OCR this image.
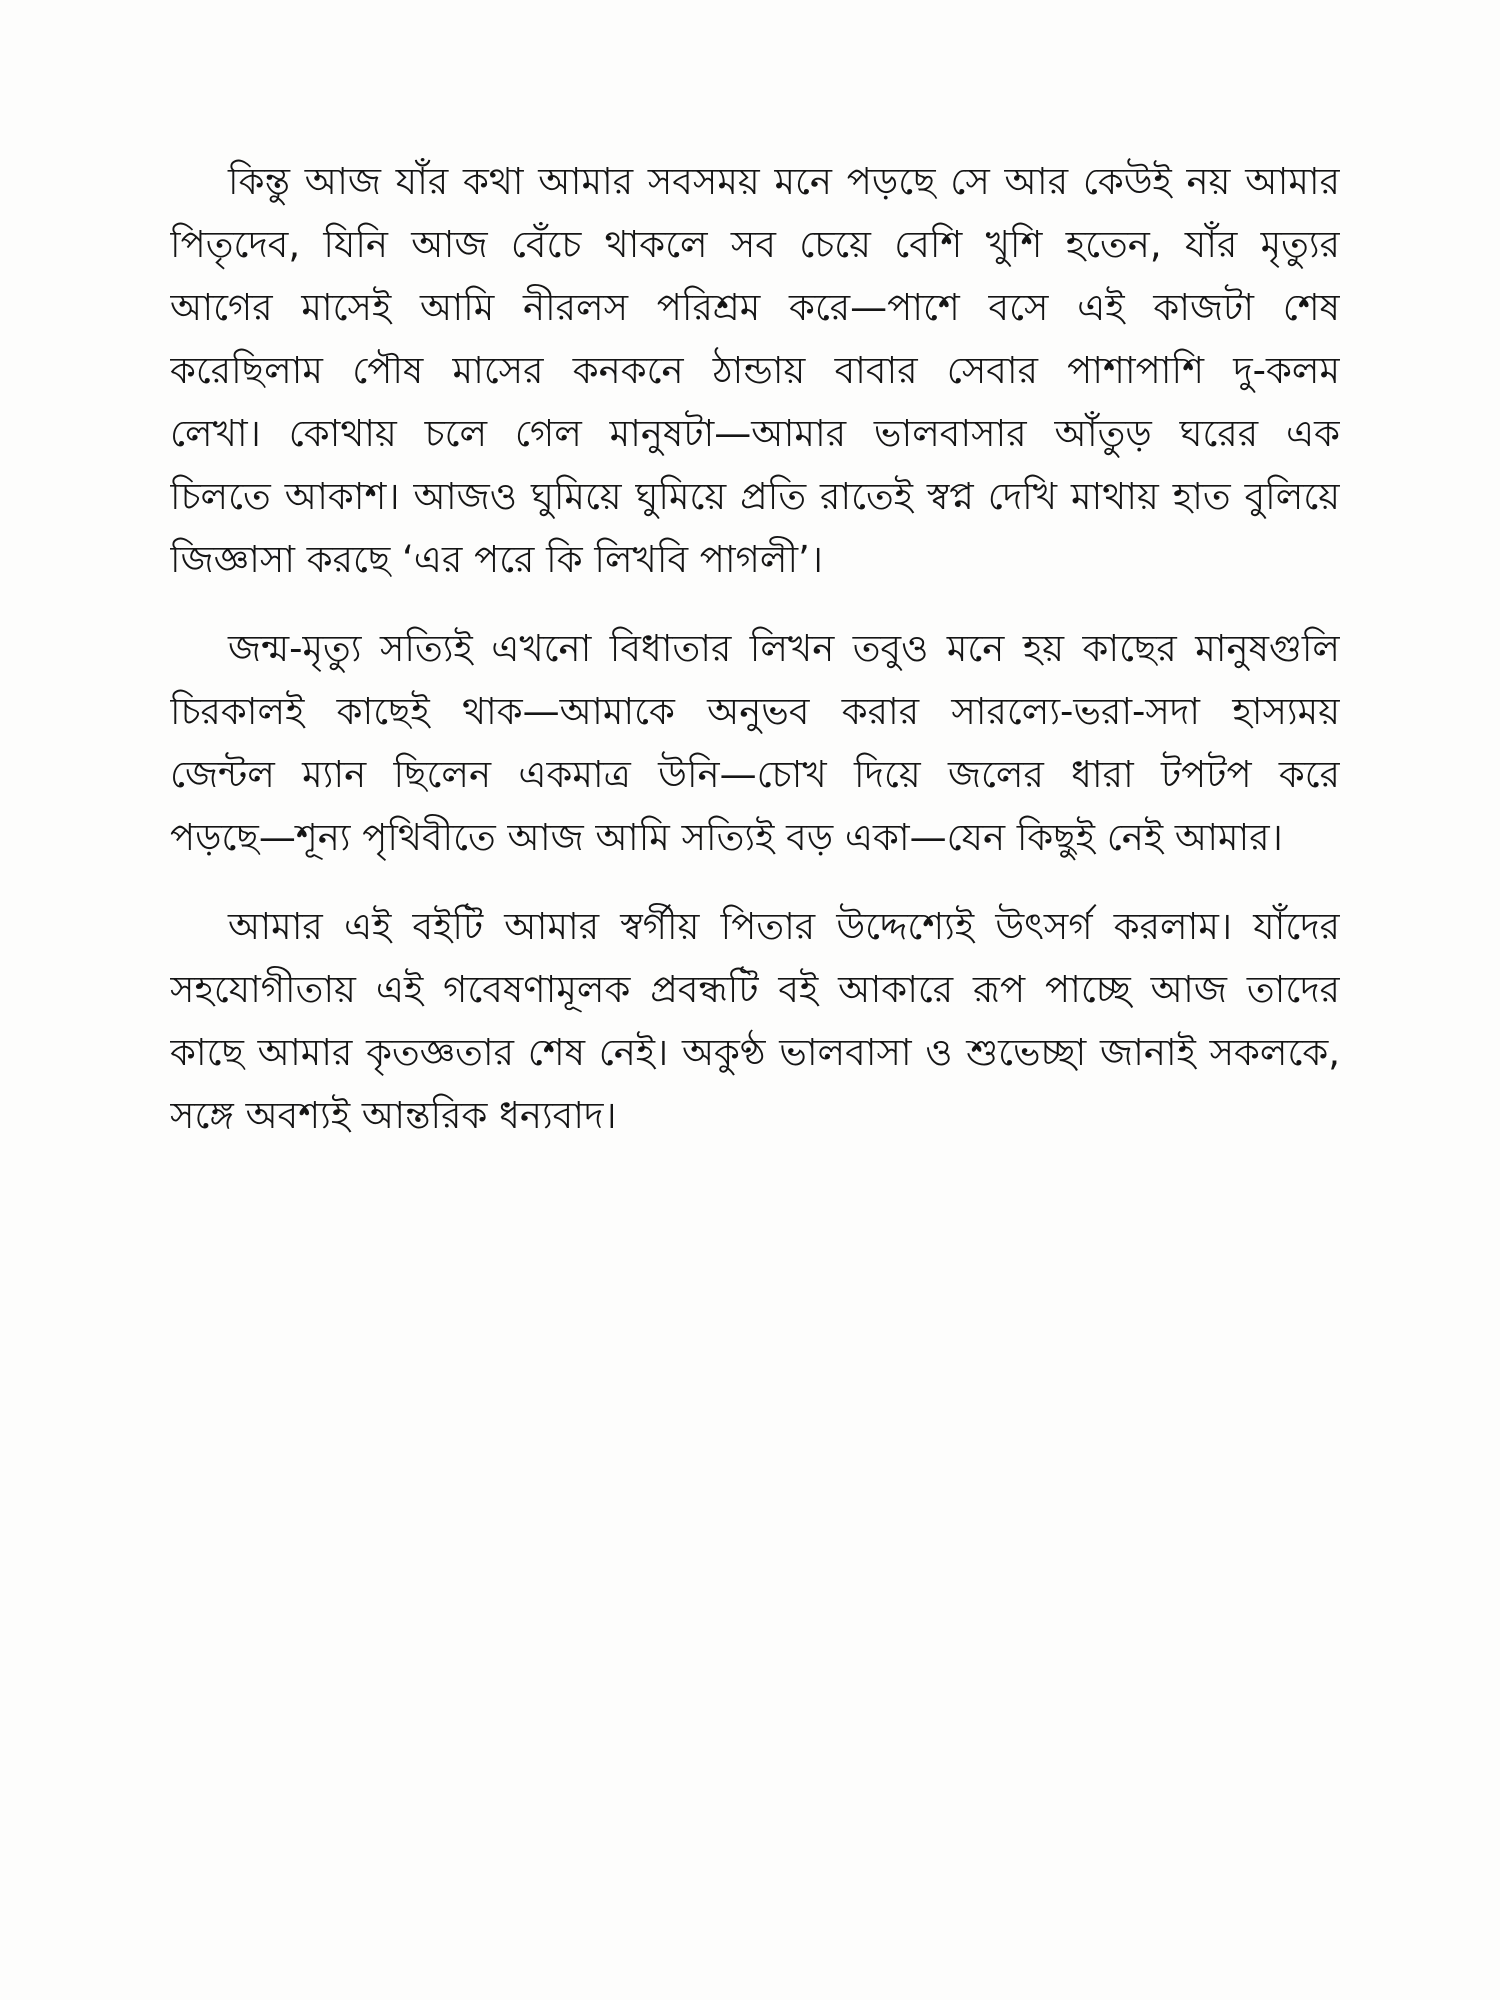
কিন্তু আজ যাঁর কথা আমার সবসময় মনে পড়ছে সে আর কেউই নয় আমার
পিতৃদেব, যিনি আজ বেঁচে থাকলে সব চেয়ে বেশি খুশি হতেন, যাঁর মৃত্যুর
আগের মাসেই আমি নীরলস পরিশ্রম করে—পাশে বসে এই কাজটা শেষ
করেছিলাম পৌষ মাসের কনকনে ঠান্ডায় বাবার সেবার পাশাপাশি দু-কলম
লেখা। কোথায় চলে গেল মানুষটা—আমার ভালবাসার আঁতুড় ঘরের এক
চিলতে আকাশ। আজও ঘুমিয়ে ঘুমিয়ে প্রতি রাতেই স্বপ্ন দেখি মাথায় হাত বুলিয়ে
জিজ্ঞাসা করছে ‘এর পরে কি লিখবি পাগলী’।
জন্ম-মৃত্যু সত্যিই এখনো বিধাতার লিখন তবুও মনে হয় কাছের মানুষগুলি
চিরকালই কাছেই থাক—আমাকে অনুভব করার সারল্যে-ভরা-সদা হাস্যময়
জেন্টল ম্যান ছিলেন একমাত্র উনি—চোখ দিয়ে জলের ধারা টপটপ করে
পড়ছে—শূন্য পৃথিবীতে আজ আমি সত্যিই বড় একা—যেন কিছুই নেই আমার।
আমার এই বইটি আমার স্বর্গীয় পিতার উদ্দেশ্যেই উৎসর্গ করলাম। যাঁদের
সহযোগীতায় এই গবেষণামূলক প্রবন্ধটি বই আকারে রূপ পাচ্ছে আজ তাদের
কাছে আমার কৃতজ্ঞতার শেষ নেই। অকুণ্ঠ ভালবাসা ও শুভেচ্ছা জানাই সকলকে,
সঙ্গে অবশ্যই আন্তরিক ধন্যবাদ।
